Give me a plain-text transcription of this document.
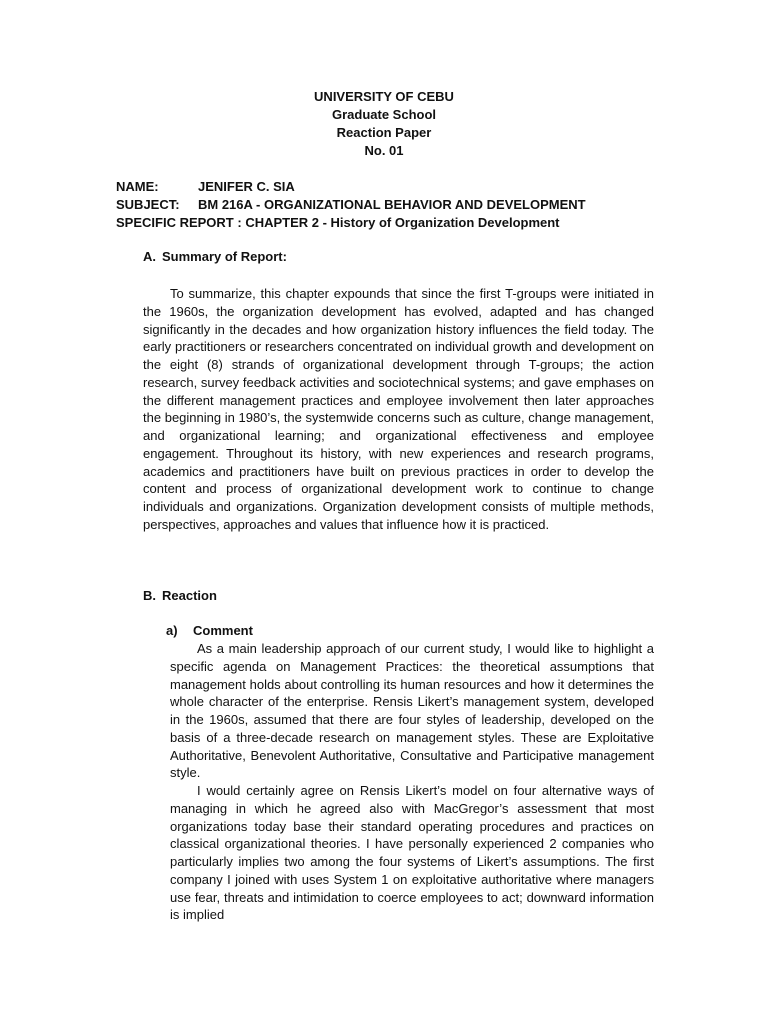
UNIVERSITY OF CEBU
Graduate School
Reaction Paper
No. 01
NAME:	JENIFER C. SIA
SUBJECT: BM 216A - ORGANIZATIONAL BEHAVIOR AND DEVELOPMENT
SPECIFIC REPORT : CHAPTER 2 - History of Organization Development
A. Summary of Report:

To summarize, this chapter expounds that since the first T-groups were initiated in the 1960s, the organization development has evolved, adapted and has changed significantly in the decades and how organization history influences the field today. The early practitioners or researchers concentrated on individual growth and development on the eight (8) strands of organizational development through T-groups; the action research, survey feedback activities and sociotechnical systems; and gave emphases on the different management practices and employee involvement then later approaches the beginning in 1980’s, the systemwide concerns such as culture, change management, and organizational learning; and organizational effectiveness and employee engagement. Throughout its history, with new experiences and research programs, academics and practitioners have built on previous practices in order to develop the content and process of organizational development work to continue to change individuals and organizations. Organization development consists of multiple methods, perspectives, approaches and values that influence how it is practiced.

B. Reaction
a) Comment

As a main leadership approach of our current study, I would like to highlight a specific agenda on Management Practices: the theoretical assumptions that management holds about controlling its human resources and how it determines the whole character of the enterprise. Rensis Likert’s management system, developed in the 1960s, assumed that there are four styles of leadership, developed on the basis of a three-decade research on management styles. These are Exploitative Authoritative, Benevolent Authoritative, Consultative and Participative management style.

I would certainly agree on Rensis Likert’s model on four alternative ways of managing in which he agreed also with MacGregor’s assessment that most organizations today base their standard operating procedures and practices on classical organizational theories. I have personally experienced 2 companies who particularly implies two among the four systems of Likert’s assumptions. The first company I joined with uses System 1 on exploitative authoritative where managers use fear, threats and intimidation to coerce employees to act; downward information is implied
